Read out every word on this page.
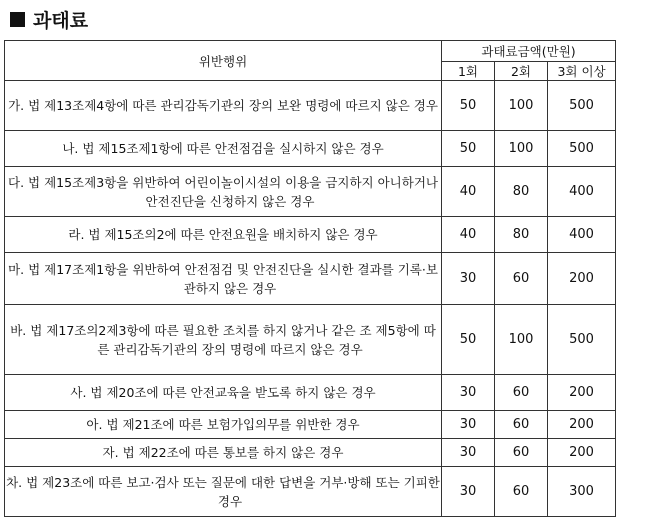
과태료
위반행위	과태료금액(만원)		
	1회	2회	3회 이상

가. 법 제13조제4항에 따른 관리감독기관의 장의 보완 명령에 따르지 않은 경우	50	100	500

나. 법 제15조제1항에 따른 안전점검을 실시하지 않은 경우	50	100	500

다. 법 제15조제3항을 위반하여 어린이놀이시설의 이용을 금지하지 아니하거나 안전진단을 신청하지 않은 경우	40	80	400

라. 법 제15조의2에 따른 안전요원을 배치하지 않은 경우	40	80	400

마. 법 제17조제1항을 위반하여 안전점검 및 안전진단을 실시한 결과를 기록·보관하지 않은 경우	30	60	200

바. 법 제17조의2제3항에 따른 필요한 조치를 하지 않거나 같은 조 제5항에 따른 관리감독기관의 장의 명령에 따르지 않은 경우	50	100	500

사. 법 제20조에 따른 안전교육을 받도록 하지 않은 경우	30	60	200

아. 법 제21조에 따른 보험가입의무를 위반한 경우	30	60	200

자. 법 제22조에 따른 통보를 하지 않은 경우	30	60	200

차. 법 제23조에 따른 보고·검사 또는 질문에 대한 답변을 거부·방해 또는 기피한 경우	30	60	300
